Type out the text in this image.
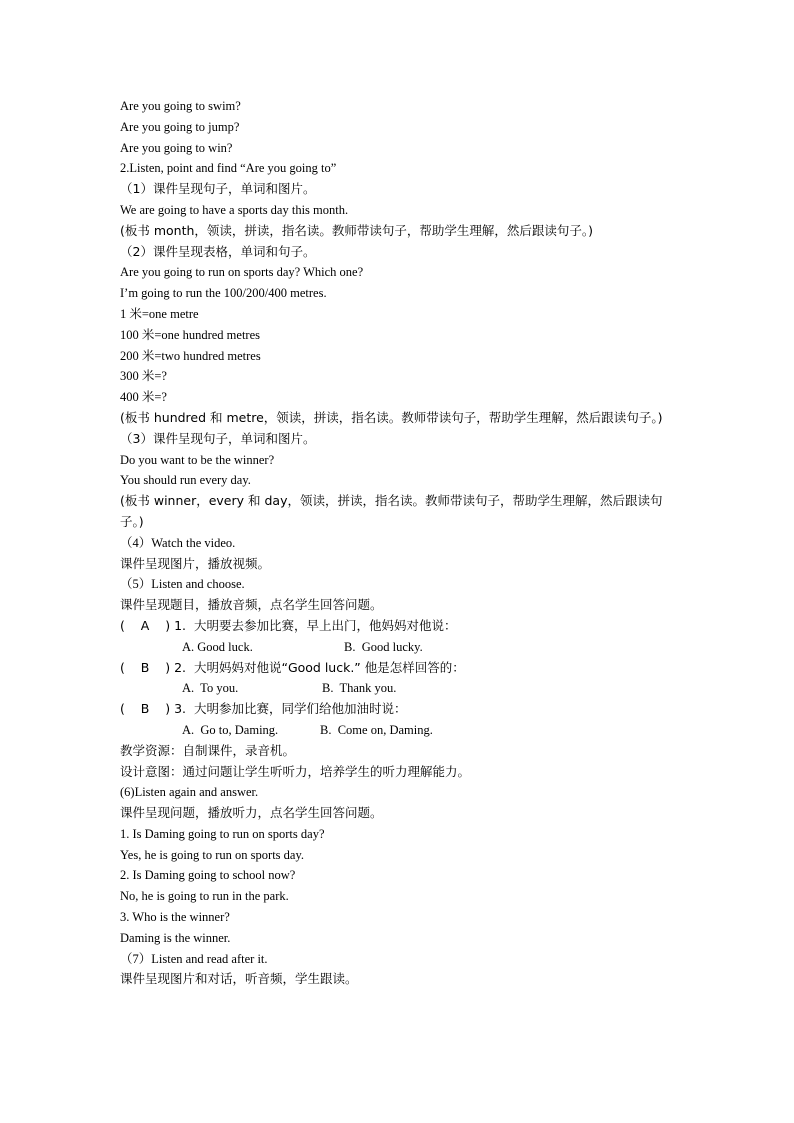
Are you going to swim?
Are you going to jump?
Are you going to win?
2.Listen, point and find “Are you going to”
（1）课件呈现句子，单词和图片。
We are going to have a sports day this month.
(板书 month，领读，拼读，指名读。教师带读句子，帮助学生理解，然后跟读句子。)
（2）课件呈现表格，单词和句子。
Are you going to run on sports day? Which one?
I’m going to run the 100/200/400 metres.
1 米=one metre
100 米=one hundred metres
200 米=two hundred metres
300 米=?
400 米=?
(板书 hundred 和 metre，领读，拼读，指名读。教师带读句子，帮助学生理解，然后跟读句子。)
（3）课件呈现句子，单词和图片。
Do you want to be the winner?
You should run every day.
(板书 winner，every 和 day，领读，拼读，指名读。教师带读句子，帮助学生理解，然后跟读句子。)
（4）Watch the video.
课件呈现图片，播放视频。
（5）Listen and choose.
课件呈现题目，播放音频，点名学生回答问题。
(    A    ) 1.  大明要去参加比赛，早上出门，他妈妈对他说：
A. Good luck.	B.  Good lucky.
(    B    ) 2.  大明妈妈对他说“Good luck.” 他是怎样回答的：
A.  To you.	B.  Thank you.
(    B    ) 3.  大明参加比赛，同学们给他加油时说：
A.  Go to, Daming.	B.  Come on, Daming.
教学资源：自制课件，录音机。
设计意图：通过问题让学生听听力，培养学生的听力理解能力。
(6)Listen again and answer.
课件呈现问题，播放听力，点名学生回答问题。
1. Is Daming going to run on sports day?
Yes, he is going to run on sports day.
2. Is Daming going to school now?
No, he is going to run in the park.
3. Who is the winner?
Daming is the winner.
（7）Listen and read after it.
课件呈现图片和对话，听音频，学生跟读。
